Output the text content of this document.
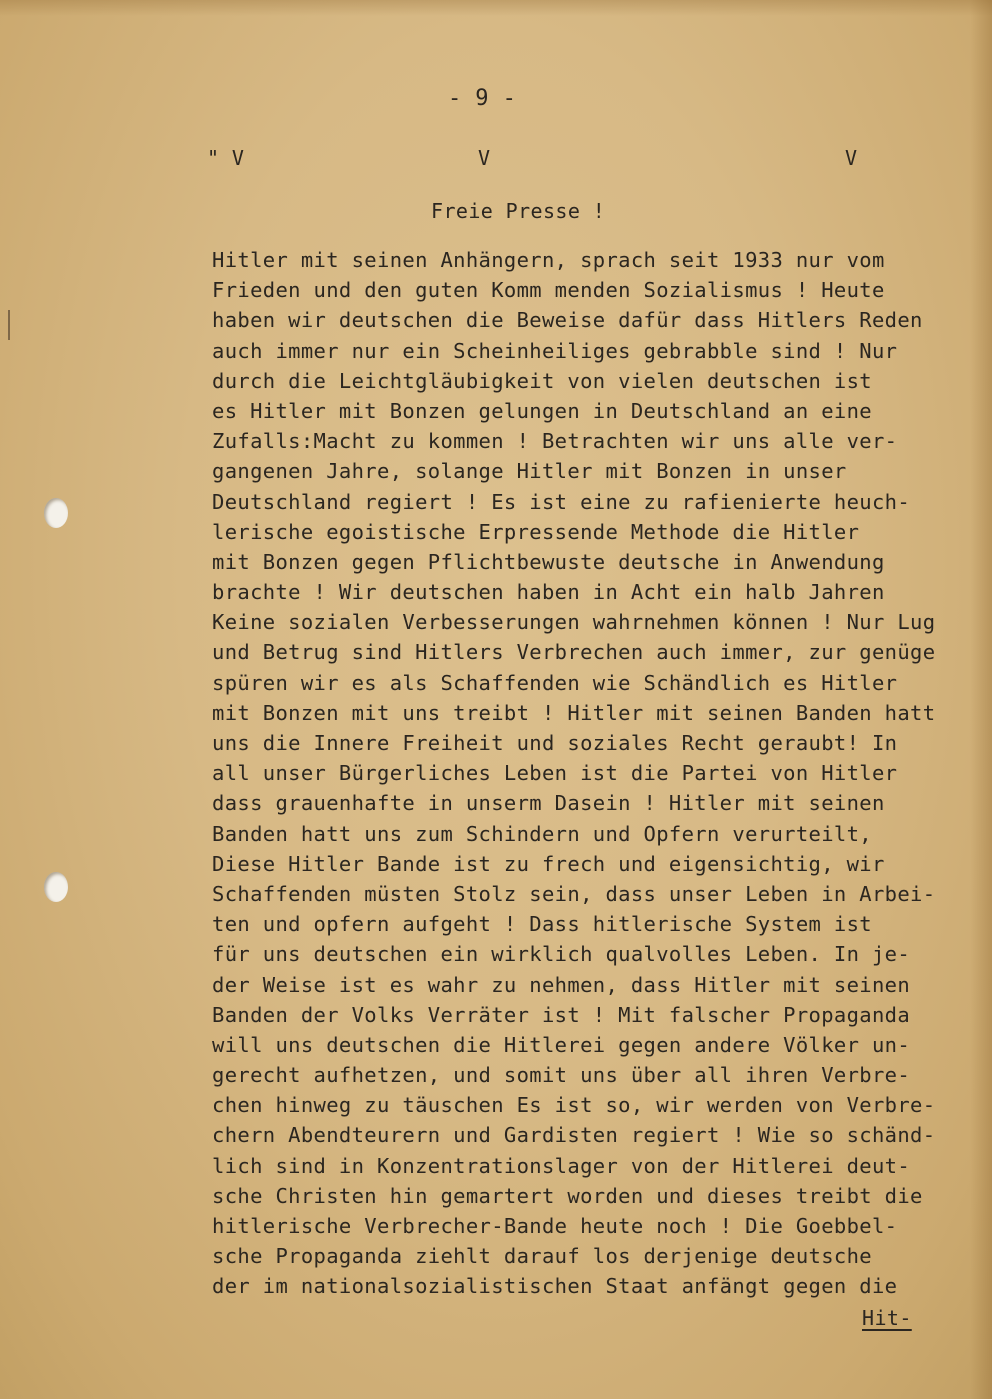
- 9 -
" V	V	V
Freie Presse !
Hitler mit seinen Anhängern, sprach seit 1933 nur vom
Frieden und den guten Komm menden Sozialismus ! Heute
haben wir deutschen die Beweise dafür dass Hitlers Reden
auch immer nur ein Scheinheiliges gebrabble sind ! Nur
durch die Leichtgläubigkeit von vielen deutschen ist
es Hitler mit Bonzen gelungen in Deutschland an eine
Zufalls:Macht zu kommen ! Betrachten wir uns alle ver-
gangenen Jahre, solange Hitler mit Bonzen in unser
Deutschland regiert ! Es ist eine zu rafienierte heuch-
lerische egoistische Erpressende Methode die Hitler
mit Bonzen gegen Pflichtbewuste deutsche in Anwendung
brachte ! Wir deutschen haben in Acht ein halb Jahren
Keine sozialen Verbesserungen wahrnehmen können ! Nur Lug
und Betrug sind Hitlers Verbrechen auch immer, zur genüge
spüren wir es als Schaffenden wie Schändlich es Hitler
mit Bonzen mit uns treibt ! Hitler mit seinen Banden hatt
uns die Innere Freiheit und soziales Recht geraubt! In
all unser Bürgerliches Leben ist die Partei von Hitler
dass grauenhafte in unserm Dasein ! Hitler mit seinen
Banden hatt uns zum Schindern und Opfern verurteilt,
Diese Hitler Bande ist zu frech und eigensichtig, wir
Schaffenden müsten Stolz sein, dass unser Leben in Arbei-
ten und opfern aufgeht ! Dass hitlerische System ist
für uns deutschen ein wirklich qualvolles Leben. In je-
der Weise ist es wahr zu nehmen, dass Hitler mit seinen
Banden der Volks Verräter ist ! Mit falscher Propaganda
will uns deutschen die Hitlerei gegen andere Völker un-
gerecht aufhetzen, und somit uns über all ihren Verbre-
chen hinweg zu täuschen Es ist so, wir werden von Verbre-
chern Abendteurern und Gardisten regiert ! Wie so schänd-
lich sind in Konzentrationslager von der Hitlerei deut-
sche Christen hin gemartert worden und dieses treibt die
hitlerische Verbrecher-Bande heute noch ! Die Goebbel-
sche Propaganda ziehlt darauf los derjenige deutsche
der im nationalsozialistischen Staat anfängt gegen die
Hit-
